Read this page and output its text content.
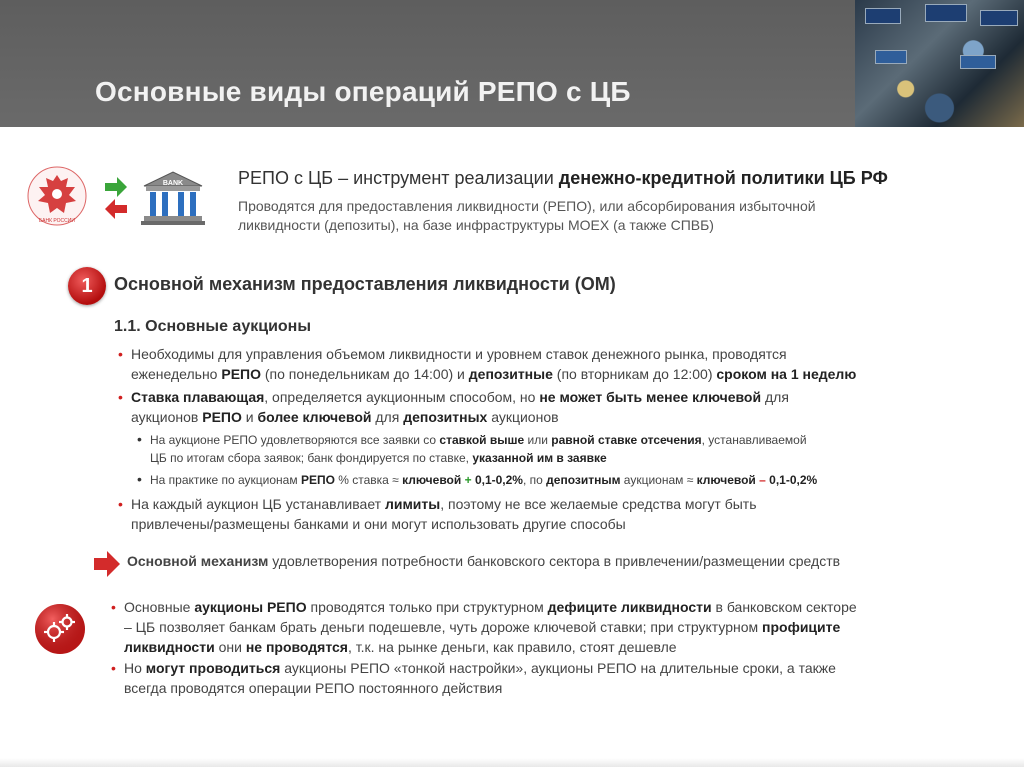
Основные виды операций РЕПО с ЦБ
БАНК РОССИИ
BANK	РЕПО с ЦБ – инструмент реализации денежно-кредитной политики ЦБ РФ

Проводятся для предоставления ликвидности (РЕПО), или абсорбирования избыточной
ликвидности (депозиты), на базе инфраструктуры МОЕХ (а также СПВБ)

1	Основной механизм предоставления ликвидности (ОМ)
1.1. Основные аукционы
• Необходимы для управления объемом ликвидности и уровнем ставок денежного рынка, проводятся
еженедельно РЕПО (по понедельникам до 14:00) и депозитные (по вторникам до 12:00) сроком на 1 неделю
• Ставка плавающая, определяется аукционным способом, но не может быть менее ключевой для
аукционов РЕПО и более ключевой для депозитных аукционов
• На аукционе РЕПО удовлетворяются все заявки со ставкой выше или равной ставке отсечения, устанавливаемой
ЦБ по итогам сбора заявок; банк фондируется по ставке, указанной им в заявке
• На практике по аукционам РЕПО % ставка ≈ ключевой + 0,1-0,2%, по депозитным аукционам ≈ ключевой – 0,1-0,2%
• На каждый аукцион ЦБ устанавливает лимиты, поэтому не все желаемые средства могут быть
привлечены/размещены банками и они могут использовать другие способы
Основной механизм удовлетворения потребности банковского сектора в привлечении/размещении средств
• Основные аукционы РЕПО проводятся только при структурном дефиците ликвидности в банковском секторе
– ЦБ позволяет банкам брать деньги подешевле, чуть дороже ключевой ставки; при структурном профиците
ликвидности они не проводятся, т.к. на рынке деньги, как правило, стоят дешевле
• Но могут проводиться аукционы РЕПО «тонкой настройки», аукционы РЕПО на длительные сроки, а также
всегда проводятся операции РЕПО постоянного действия
